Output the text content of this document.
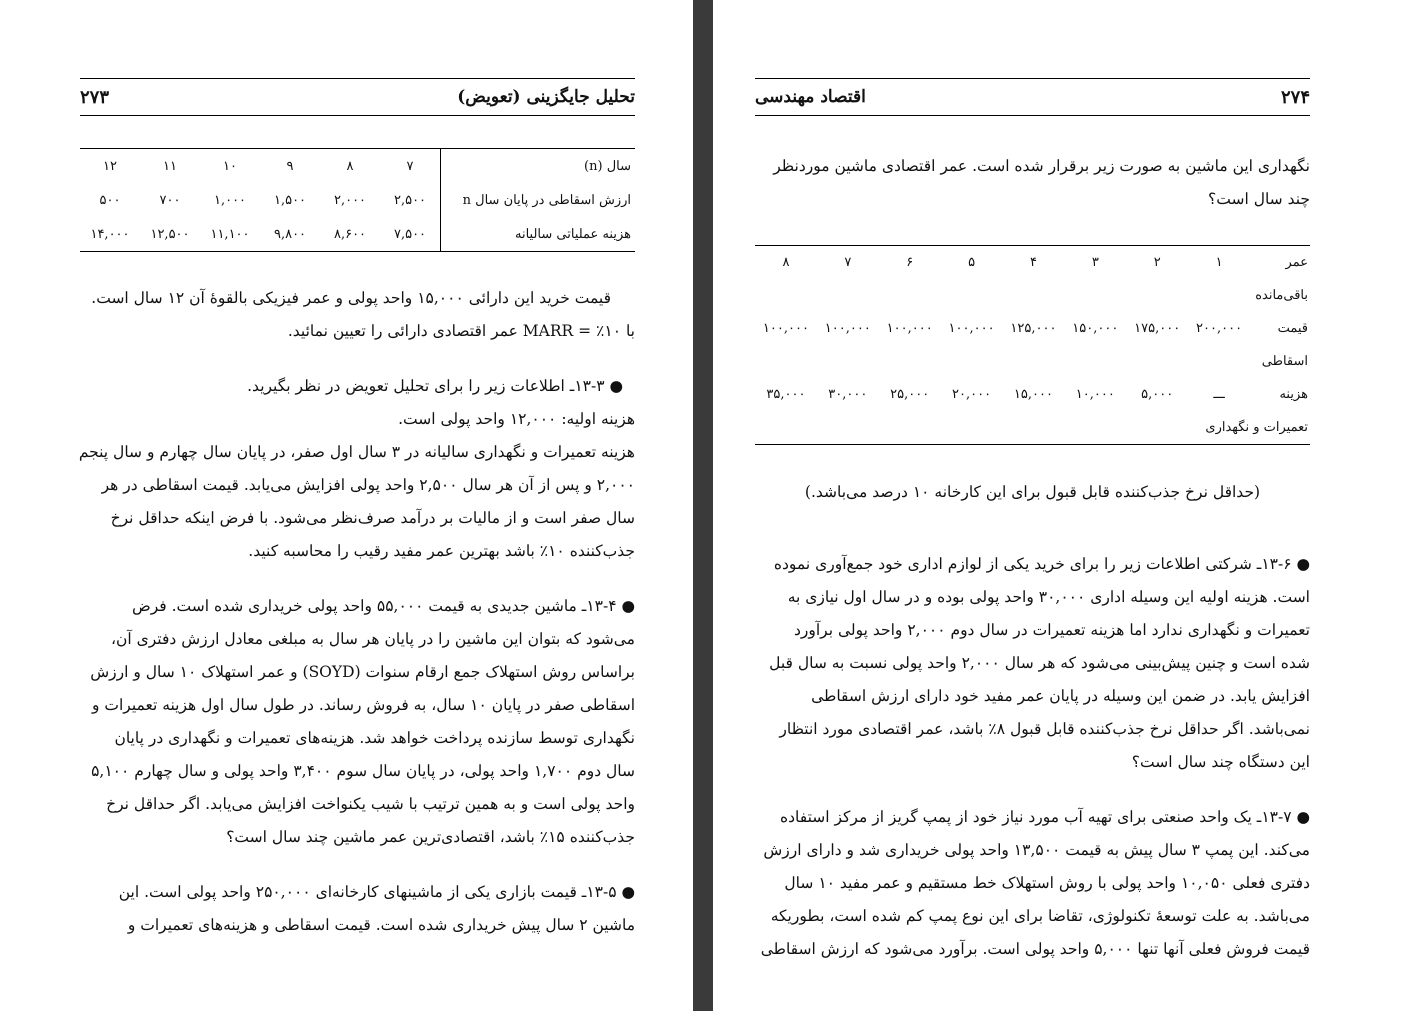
تحلیل جایگزینی (تعویض)
۲۷۳
سال (n)
۷
۸
۹
۱۰
۱۱
۱۲
ارزش اسقاطی در پایان سال n
۲,۵۰۰
۲,۰۰۰
۱,۵۰۰
۱,۰۰۰
۷۰۰
۵۰۰
هزینه عملیاتی سالیانه
۷,۵۰۰
۸,۶۰۰
۹,۸۰۰
۱۱,۱۰۰
۱۲,۵۰۰
۱۴,۰۰۰

قیمت خرید این دارائی ۱۵,۰۰۰ واحد پولی و عمر فیزیکی بالقوهٔ آن ۱۲ سال است.
با ۱۰٪ = MARR عمر اقتصادی دارائی را تعیین نمائید.

● ۱۳-۳ـ اطلاعات زیر را برای تحلیل تعویض در نظر بگیرید.
هزینه اولیه: ۱۲,۰۰۰ واحد پولی است.
هزینه تعمیرات و نگهداری سالیانه در ۳ سال اول صفر، در پایان سال چهارم و سال پنجم
۲,۰۰۰ و پس از آن هر سال ۲,۵۰۰ واحد پولی افزایش می‌یابد. قیمت اسقاطی در هر
سال صفر است و از مالیات بر درآمد صرف‌نظر می‌شود. با فرض اینکه حداقل نرخ
جذب‌کننده ۱۰٪ باشد بهترین عمر مفید رقیب را محاسبه کنید.

● ۱۳-۴ـ ماشین جدیدی به قیمت ۵۵,۰۰۰ واحد پولی خریداری شده است. فرض
می‌شود که بتوان این ماشین را در پایان هر سال به مبلغی معادل ارزش دفتری آن،
براساس روش استهلاک جمع ارقام سنوات (SOYD) و عمر استهلاک ۱۰ سال و ارزش
اسقاطی صفر در پایان ۱۰ سال، به فروش رساند. در طول سال اول هزینه تعمیرات و
نگهداری توسط سازنده پرداخت خواهد شد. هزینه‌های تعمیرات و نگهداری در پایان
سال دوم ۱,۷۰۰ واحد پولی، در پایان سال سوم ۳,۴۰۰ واحد پولی و سال چهارم ۵,۱۰۰
واحد پولی است و به همین ترتیب با شیب یکنواخت افزایش می‌یابد. اگر حداقل نرخ
جذب‌کننده ۱۵٪ باشد، اقتصادی‌ترین عمر ماشین چند سال است؟

● ۱۳-۵ـ قیمت بازاری یکی از ماشینهای کارخانه‌ای ۲۵۰,۰۰۰ واحد پولی است. این
ماشین ۲ سال پیش خریداری شده است. قیمت اسقاطی و هزینه‌های تعمیرات و

۲۷۴
اقتصاد مهندسی
نگهداری این ماشین به صورت زیر برقرار شده است. عمر اقتصادی ماشین موردنظر
چند سال است؟
عمر
۱
۲
۳
۴
۵
۶
۷
۸
باقی‌مانده
قیمت
۲۰۰,۰۰۰
۱۷۵,۰۰۰
۱۵۰,۰۰۰
۱۲۵,۰۰۰
۱۰۰,۰۰۰
۱۰۰,۰۰۰
۱۰۰,۰۰۰
۱۰۰,۰۰۰
اسقاطی
هزینه
ـــ
۵,۰۰۰
۱۰,۰۰۰
۱۵,۰۰۰
۲۰,۰۰۰
۲۵,۰۰۰
۳۰,۰۰۰
۳۵,۰۰۰
تعمیرات و نگهداری
(حداقل نرخ جذب‌کننده قابل قبول برای این کارخانه ۱۰ درصد می‌باشد.)

● ۱۳-۶ـ شرکتی اطلاعات زیر را برای خرید یکی از لوازم اداری خود جمع‌آوری نموده
است. هزینه اولیه این وسیله اداری ۳۰,۰۰۰ واحد پولی بوده و در سال اول نیازی به
تعمیرات و نگهداری ندارد اما هزینه تعمیرات در سال دوم ۲,۰۰۰ واحد پولی برآورد
شده است و چنین پیش‌بینی می‌شود که هر سال ۲,۰۰۰ واحد پولی نسبت به سال قبل
افزایش یابد. در ضمن این وسیله در پایان عمر مفید خود دارای ارزش اسقاطی
نمی‌باشد. اگر حداقل نرخ جذب‌کننده قابل قبول ۸٪ باشد، عمر اقتصادی مورد انتظار
این دستگاه چند سال است؟

● ۱۳-۷ـ یک واحد صنعتی برای تهیه آب مورد نیاز خود از پمپ گریز از مرکز استفاده
می‌کند. این پمپ ۳ سال پیش به قیمت ۱۳,۵۰۰ واحد پولی خریداری شد و دارای ارزش
دفتری فعلی ۱۰,۰۵۰ واحد پولی با روش استهلاک خط مستقیم و عمر مفید ۱۰ سال
می‌باشد. به علت توسعهٔ تکنولوژی، تقاضا برای این نوع پمپ کم شده است، بطوریکه
قیمت فروش فعلی آنها تنها ۵,۰۰۰ واحد پولی است. برآورد می‌شود که ارزش اسقاطی
